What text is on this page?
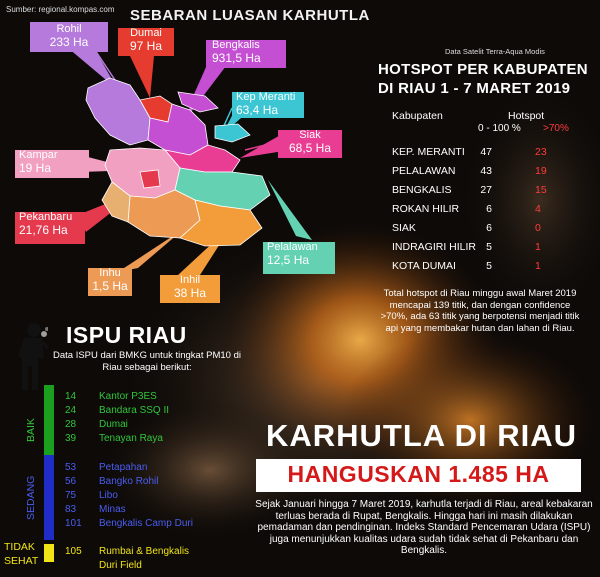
Sumber: regional.kompas.com SEBARAN LUASAN KARHUTLA
Rohil
233 Ha
Dumai
97 Ha	Bengkalis
931,5 Ha
Kep Meranti
63,4 Ha
Siak
68,5 Ha
Kampar
19 Ha
Pekanbaru
21,76 Ha
Inhu
1,5 Ha	Inhil
38 Ha
Pelalawan
12,5 Ha
Data Satelit Terra-Aqua Modis
HOTSPOT PER KABUPATEN
DI RIAU 1 - 7 MARET 2019
Kabupaten	Hotspot
0 - 100 % >70%
KEP. MERANTI	47	23
PELALAWAN	43	19
BENGKALIS	27	15
ROKAN HILIR	6	4
SIAK	6	0
INDRAGIRI HILIR 5	1
KOTA DUMAI	5	1
Total hotspot di Riau minggu awal Maret 2019 mencapai 139 titik, dan dengan confidence >70%, ada 63 titik yang berpotensi menjadi titik api yang membakar hutan dan lahan di Riau.
ISPU RIAU
Data ISPU dari BMKG untuk tingkat PM10 di Riau sebagai berikut:
BAIK
SEDANG
TIDAK
SEHAT
14	Kantor P3ES
24	Bandara SSQ II
28	Dumai
39	Tenayan Raya
53	Petapahan
56	Bangko Rohil
75	Libo
83	Minas
101	Bengkalis Camp Duri
105	Rumbai & Bengkalis
Duri Field
KARHUTLA DI RIAU
HANGUSKAN 1.485 HA
Sejak Januari hingga 7 Maret 2019, karhutla terjadi di Riau, areal kebakaran terluas berada di Rupat, Bengkalis. Hingga hari ini masih dilakukan pemadaman dan pendinginan. Indeks Standard Pencemaran Udara (ISPU) juga menunjukkan kualitas udara sudah tidak sehat di Pekanbaru dan Bengkalis.
